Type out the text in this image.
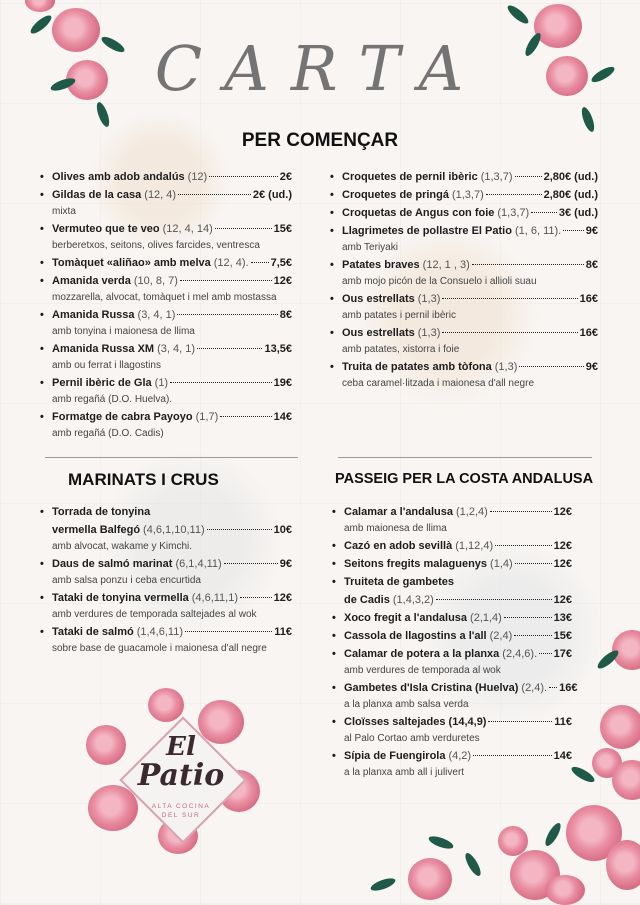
CARTA
PER COMENÇAR
• Olives amb adob andalús (12)	2€
• Gildas de la casa (12, 4)	2€ (ud.)
mixta
• Vermuteo que te veo (12, 4, 14)	15€
berberetxos, seitons, olives farcides, ventresca
• Tomàquet «aliñao» amb melva (12, 4). 7,5€
• Amanida verda (10, 8, 7)	12€
mozzarella, alvocat, tomàquet i mel amb mostassa
• Amanida Russa (3, 4, 1)	8€
amb tonyina i maionesa de llima
• Amanida Russa XM (3, 4, 1)	13,5€
amb ou ferrat i llagostins
• Pernil ibèric de Gla (1)	19€
amb regañá (D.O. Huelva).
• Formatge de cabra Payoyo (1,7)	14€
amb regañá (D.O. Cadis)
• Croquetes de pernil ibèric (1,3,7)	2,80€ (ud.)
• Croquetes de pringá (1,3,7)	2,80€ (ud.)
• Croquetas de Angus con foie (1,3,7)	3€ (ud.)
• Llagrimetes de pollastre El Patio (1, 6, 11). 9€
amb Teriyaki
• Patates braves (12, 1 , 3)	8€
amb mojo picón de la Consuelo i allioli suau
• Ous estrellats (1,3)	16€
amb patates i pernil ibèric
• Ous estrellats (1,3)	16€
amb patates, xistorra i foie
• Truita de patates amb tòfona (1,3)	9€
ceba caramel·litzada i maionesa d'all negre
MARINATS I CRUS	PASSEIG PER LA COSTA ANDALUSA
• Torrada de tonyina
vermella Balfegó (4,6,1,10,11)	10€
amb alvocat, wakame y Kimchi.
• Daus de salmó marinat (6,1,4,11)	9€
amb salsa ponzu i ceba encurtida
• Tataki de tonyina vermella (4,6,11,1)	12€
amb verdures de temporada saltejades al wok
• Tataki de salmó (1,4,6,11)	11€
sobre base de guacamole i maionesa d'all negre
• Calamar a l'andalusa (1,2,4)	12€
amb maionesa de llima
• Cazó en adob sevillà (1,12,4)	12€
• Seitons fregits malaguenys (1,4)	12€
• Truiteta de gambetes
de Cadis (1,4,3,2)	12€
• Xoco fregit a l'andalusa (2,1,4)	13€
• Cassola de llagostins a l'all (2,4)	15€
• Calamar de potera a la planxa (2,4,6). 17€
amb verdures de temporada al wok
• Gambetes d'Isla Cristina (Huelva) (2,4). 16€
a la planxa amb salsa verda
• Cloïsses saltejades (14,4,9)	11€
al Palo Cortao amb verduretes
• Sípia de Fuengirola (4,2)	14€
a la planxa amb all i julivert
El
Patio
ALTA COCINA
DEL SUR
